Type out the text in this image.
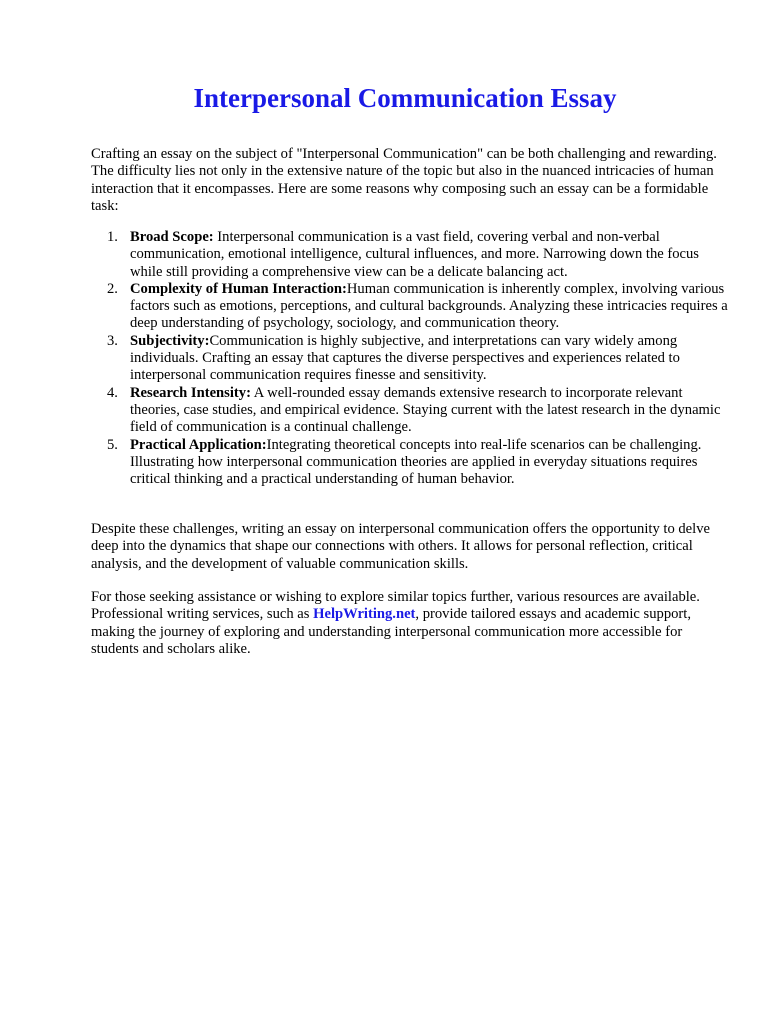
Interpersonal Communication Essay

Crafting an essay on the subject of "Interpersonal Communication" can be both challenging and rewarding. The difficulty lies not only in the extensive nature of the topic but also in the nuanced intricacies of human interaction that it encompasses. Here are some reasons why composing such an essay can be a formidable task:

1. Broad Scope: Interpersonal communication is a vast field, covering verbal and non-verbal communication, emotional intelligence, cultural influences, and more. Narrowing down the focus while still providing a comprehensive view can be a delicate balancing act.
2. Complexity of Human Interaction:Human communication is inherently complex, involving various factors such as emotions, perceptions, and cultural backgrounds. Analyzing these intricacies requires a deep understanding of psychology, sociology, and communication theory.
3. Subjectivity:Communication is highly subjective, and interpretations can vary widely among individuals. Crafting an essay that captures the diverse perspectives and experiences related to interpersonal communication requires finesse and sensitivity.
4. Research Intensity: A well-rounded essay demands extensive research to incorporate relevant theories, case studies, and empirical evidence. Staying current with the latest research in the dynamic field of communication is a continual challenge.
5. Practical Application:Integrating theoretical concepts into real-life scenarios can be challenging. Illustrating how interpersonal communication theories are applied in everyday situations requires critical thinking and a practical understanding of human behavior.

Despite these challenges, writing an essay on interpersonal communication offers the opportunity to delve deep into the dynamics that shape our connections with others. It allows for personal reflection, critical analysis, and the development of valuable communication skills.

For those seeking assistance or wishing to explore similar topics further, various resources are available. Professional writing services, such as HelpWriting.net, provide tailored essays and academic support, making the journey of exploring and understanding interpersonal communication more accessible for students and scholars alike.
